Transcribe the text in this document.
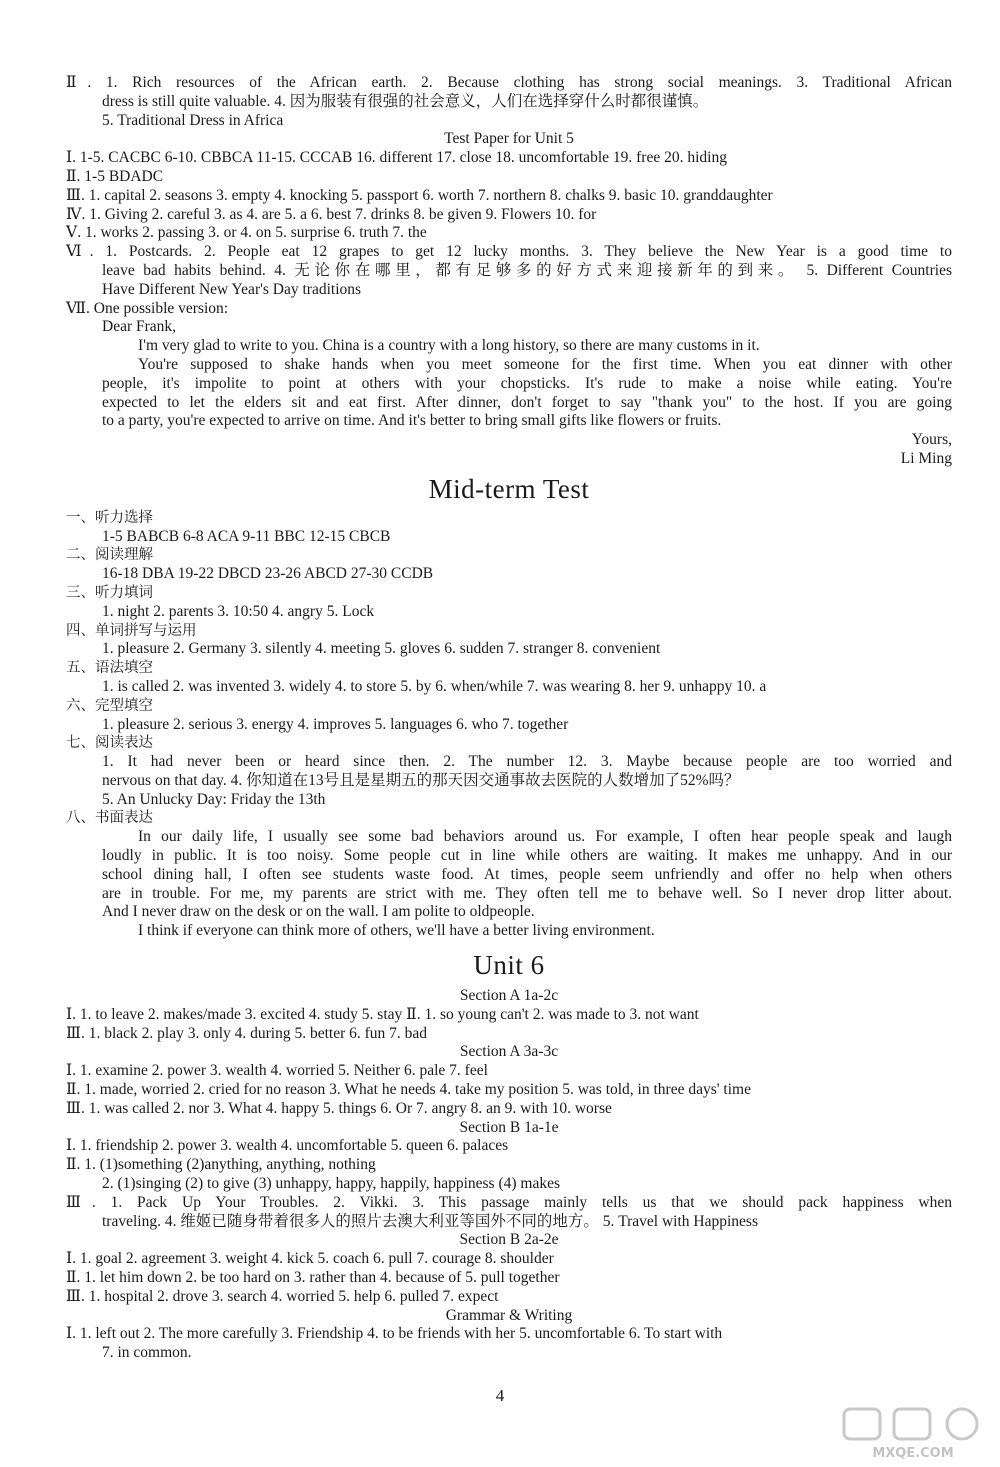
Ⅱ. 1. Rich resources of the African earth. 2. Because clothing has strong social meanings. 3. Traditional African
dress is still quite valuable. 4. 因为服装有很强的社会意义，人们在选择穿什么时都很谨慎。
5. Traditional Dress in Africa
Test Paper for Unit 5
Ⅰ. 1-5. CACBC 6-10. CBBCA 11-15. CCCAB 16. different 17. close 18. uncomfortable 19. free 20. hiding
Ⅱ. 1-5 BDADC
Ⅲ. 1. capital 2. seasons 3. empty 4. knocking 5. passport 6. worth 7. northern 8. chalks 9. basic 10. granddaughter
Ⅳ. 1. Giving 2. careful 3. as 4. are 5. a 6. best 7. drinks 8. be given 9. Flowers 10. for
Ⅴ. 1. works 2. passing 3. or 4. on 5. surprise 6. truth 7. the
Ⅵ. 1. Postcards. 2. People eat 12 grapes to get 12 lucky months. 3. They believe the New Year is a good time to
leave bad habits behind. 4. 无论你在哪里，都有足够多的好方式来迎接新年的到来。 5. Different Countries
Have Different New Year's Day traditions
Ⅶ. One possible version:
Dear Frank,
I'm very glad to write to you. China is a country with a long history, so there are many customs in it.
You're supposed to shake hands when you meet someone for the first time. When you eat dinner with other
people, it's impolite to point at others with your chopsticks. It's rude to make a noise while eating. You're
expected to let the elders sit and eat first. After dinner, don't forget to say "thank you" to the host. If you are going
to a party, you're expected to arrive on time. And it's better to bring small gifts like flowers or fruits.
Yours,
Li Ming
Mid-term Test
一、听力选择
1-5 BABCB 6-8 ACA 9-11 BBC 12-15 CBCB
二、阅读理解
16-18 DBA 19-22 DBCD 23-26 ABCD 27-30 CCDB
三、听力填词
1. night 2. parents 3. 10:50 4. angry 5. Lock
四、单词拼写与运用
1. pleasure 2. Germany 3. silently 4. meeting 5. gloves 6. sudden 7. stranger 8. convenient
五、语法填空
1. is called 2. was invented 3. widely 4. to store 5. by 6. when/while 7. was wearing 8. her 9. unhappy 10. a
六、完型填空
1. pleasure 2. serious 3. energy 4. improves 5. languages 6. who 7. together
七、阅读表达
1. It had never been or heard since then. 2. The number 12. 3. Maybe because people are too worried and
nervous on that day. 4. 你知道在13号且是星期五的那天因交通事故去医院的人数增加了52%吗？
5. An Unlucky Day: Friday the 13th
八、书面表达
In our daily life, I usually see some bad behaviors around us. For example, I often hear people speak and laugh
loudly in public. It is too noisy. Some people cut in line while others are waiting. It makes me unhappy. And in our
school dining hall, I often see students waste food. At times, people seem unfriendly and offer no help when others
are in trouble. For me, my parents are strict with me. They often tell me to behave well. So I never drop litter about.
And I never draw on the desk or on the wall. I am polite to oldpeople.
I think if everyone can think more of others, we'll have a better living environment.
Unit 6
Section A 1a-2c
Ⅰ. 1. to leave 2. makes/made 3. excited 4. study 5. stay Ⅱ. 1. so young can't 2. was made to 3. not want
Ⅲ. 1. black 2. play 3. only 4. during 5. better 6. fun 7. bad
Section A 3a-3c
Ⅰ. 1. examine 2. power 3. wealth 4. worried 5. Neither 6. pale 7. feel
Ⅱ. 1. made, worried 2. cried for no reason 3. What he needs 4. take my position 5. was told, in three days' time
Ⅲ. 1. was called 2. nor 3. What 4. happy 5. things 6. Or 7. angry 8. an 9. with 10. worse
Section B 1a-1e
Ⅰ. 1. friendship 2. power 3. wealth 4. uncomfortable 5. queen 6. palaces
Ⅱ. 1. (1)something (2)anything, anything, nothing
2. (1)singing (2) to give (3) unhappy, happy, happily, happiness (4) makes
Ⅲ. 1. Pack Up Your Troubles. 2. Vikki. 3. This passage mainly tells us that we should pack happiness when
traveling. 4. 维姬已随身带着很多人的照片去澳大利亚等国外不同的地方。 5. Travel with Happiness
Section B 2a-2e
Ⅰ. 1. goal 2. agreement 3. weight 4. kick 5. coach 6. pull 7. courage 8. shoulder
Ⅱ. 1. let him down 2. be too hard on 3. rather than 4. because of 5. pull together
Ⅲ. 1. hospital 2. drove 3. search 4. worried 5. help 6. pulled 7. expect
Grammar & Writing
Ⅰ. 1. left out 2. The more carefully 3. Friendship 4. to be friends with her 5. uncomfortable 6. To start with
7. in common.
4
MXQE.COM
